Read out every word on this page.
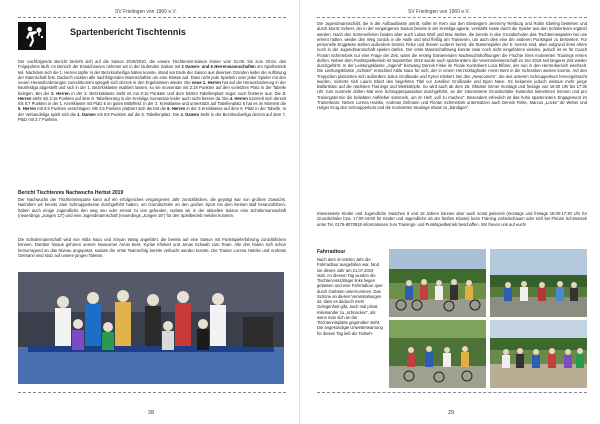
SV Frielingen von 1960 e.V.
Spartenbericht Tischtennis
Der nachfolgende Bericht bezieht sich auf die Saison 2019/2020, die unsere Tischtennis-Saison immer vom 01.09. bis zum 30.04. des Folgejahres läuft. Im Bereich der Erwachsenen nehmen wir in der laufenden Saison mit 2 Damen- und 6 Herrenmannschaften am Spielbetrieb teil. Nachdem sich die 1. Herren tapfer in der Bezirksoberliga halten konnte, stand am Ende der Saison aus diversen Gründen leider die Auflösung der Mannschaft fest. Dadurch rückten alle nachfolgenden Mannschaften um eine Klasse auf. Dass nicht jede Spielerin oder jeder Spieler mit den neuen Herausforderungen zurechtkommt spiegelt sich derzeit in den Ergebnissen wieder. Die neue 1. Herren hat auf die Herausforderung in der Bezirksliga abgestellt und sich in der 1. Bezirksklasse etabliert lassen, so sie momentan mit 2:19 Punkten auf den vorletzten Platz in der Tabelle belegen. Bei der 2. Herren in der 2. Bezirksklasse steht es mit 8:10 Punkten und dem letzten Tabellenplatz sogar noch finsterer aus. Die 3. Herren steht mit 2:16 Punkten auf dem 8. Tabellenrang in der Kreisliga momentan leider auch nicht besser da. Die 4. Herren tummelt sich derzeit mit 5:7 Punkten in der 1. Kreisklasse mit Platz 5 im guten Mittelfeld. In der 3. Kreisklasse und unterstützt auf Tabellenplatz 5 hat es im Moment die 5. Herren mit 5:5 Punkten verschlagen. Mit 3:5 Punkten platziert sich derzeit die 6. Herren in der 3.Kreisklasse auf dem 6. Platz in der Tabelle. In der Verbandsliga spielt sich die 1. Damen mit 6:8 Punkten auf die 6. Tabellenplatz. Die 2. Damen steht in der Bezirksoberliga derzeit auf dem 7. Platz mit 3:7 Punkten.
Bericht Tischtennis Nachwuchs Herbst 2019
Der Nachwuchs der Tischtennissparte kann auf ein erfolgreiches vergangenes Jahr zurückblicken, die geprägt war von großem Zuwachs. Nachdem wir bereits zwei Schnupperkurse durchgeführt haben, um Grundschüler an den großen Sport mit dem kleinen Ball heranzuführen, haben auch einige Jugendliche den weg neu oder erneut zu uns gefunden, sodass wir in der aktuellen Saison eine Schülermannschaft (neuerdings „Jungen 13“) und eine Jugendmannschaft (neuerdings „Jungen 18“) für den Spielbetrieb melden konnten.
Die Schülermannschaft wird von Attila Naco und Xinyan Wang angeführt, die bereits auf eine Saison mit Punktspielerfahrung zurückblicken können. Darüber hinaus gehören unsere Newcomer Armin Bent, Kyrian Klinkert und Jonas Schwab zum Team. Alle drei haben sich schon hervorragend an das Niveau angepasst, sodass der erste Teamerfolg bereits verbucht werden konnte. Die Trainer Lorena Hainke und Andreas Oelmann sind stolz auf unsere jungen Talente.
28
SV Frielingen von 1960 e.V.
Die Jugendmannschaft, die in der Aufbauklasse antritt, sollte im Kern aus den Einsteigern Jeremmy Rehburg und Robin Ebeling bestehen und durch Moritz Scheer, der in der vergangenen Saison bereits in der Kreisliga agierte, verstärkt sowie durch die Spieler aus den Schülerteam ergänzt werden. Nach den Sommerferien fanden aber auch Lukas Wolf und Max Stelter, die bereits in den Grundschulen das Tischtennisspielen bei uns erlernt hatten, wieder den Weg zurück in die Halle und sind fleißig am Trainieren, um auch dies eine der anderen Punktspiel zu bestreiten. Für personelle Engpässe stehen außerdem Dennis Finke und Steven Lederer bereit, die Stammspieler der 5. Herren sind, aber aufgrund ihres Alters noch in der Jugendmannschaft spielen dürfen. Der erste Mannschaftsweg konnte zwar noch nicht eingefahren werden, jedoch ist es für Coach Florian Schimetzek nur eine Frage der Zeit, wann die ersteig trainierenden Nachwuchshoffnungen die Früchte ihres motivierten Trainings ernten dürfen. Neben dem Punktspielbetrieb ist September 2019 wurde auch spartenintern die Vereinsmeisterschaft im Jan 2019 seit längerer Zeit wieder durchgeführt. In der Leistungsklasse „Jugend“ bezwang Dennis Finke im Finale Kontrahent Luca Elßner, der nun in den Herrenbereich wechselt. Die Leistungsklasse „Schüler“ entschied Attila Naco für sich, der in einem Herzschlagfinale Armin Bent in die Schranken weisen konnte. Auf den Treppchen platzierten sich außerdem Julius Großlande und Kyron Klinkert. Bei den „Newcomern“, die aus unseren Schnupperkurs hervorgebracht wurden, sicherte sich Laurin Ebert den begehrten Titel vor Josefine Großlande und Bjorn Nave. Es bekamen jedoch weitaus mehr junge Ballartisten auf die nächsten Trainings und Wettkämpfe. So wird auch ab dem 28. Oktober immer montags und freitags von 16:00 Uhr bis 17:30 Uhr zum nunmehr dritten Mal eine Schnupperpassation durchgeführt, an der interessierte Grundschüler kostenlos teilnehmen können und pro Trainingstermin die beliebten Aufkleber sammeln, um im Heft „voll zu machen“. Besonders erfreulich ist das hohe spartenintere Engagement im Trainerteam. Neben Lorena Hainke, Andreas Oelmann und Florian Schimetzek unterstützen auch Dennis Finke, Marcus „Locke“ de Weber und Holger Krug den Schnupperkurs und die motivierten Neulinge etwas zu „bändigen“.
Interessierte Kinder und Jugendliche zwischen 8 und 18 Jahren können aber auch sonst jederzeit (montags und freitags 16:00-17:30 Uhr für Grundschüler bzw. 17:00-19:00 für Kinder und Jugendliche ab der fünften Klasse) beim Training vorbeischauen oder sich bei Florian Schimetzek unter Tel. 0176-8070918 informationen zum Trainings- und Punktspielbetrieb beschaffen. Wir freuen uns auf euch!
Fahrradtour
Nach dem im letzten Jahr die Fahrradtour ausgefallen war, fand sie dieses Jahr am 21.07.2019 statt. An diesem Tag wurden die Tischtennisschläger links liegen gelassen und eine Fahrradtour quer durch Garbsen unternommen. Das Schöne an diesen Veranstaltungen ist, dass es dadurch mehr Gelegenheit gibt, auch mal privat miteinander zu „schnacken“, als wenn man sich an der Tischtennisplatte gegenüber steht. Die angekündigte Unwetterwarnung für diesen Tag ließ die Teilneh-
29
